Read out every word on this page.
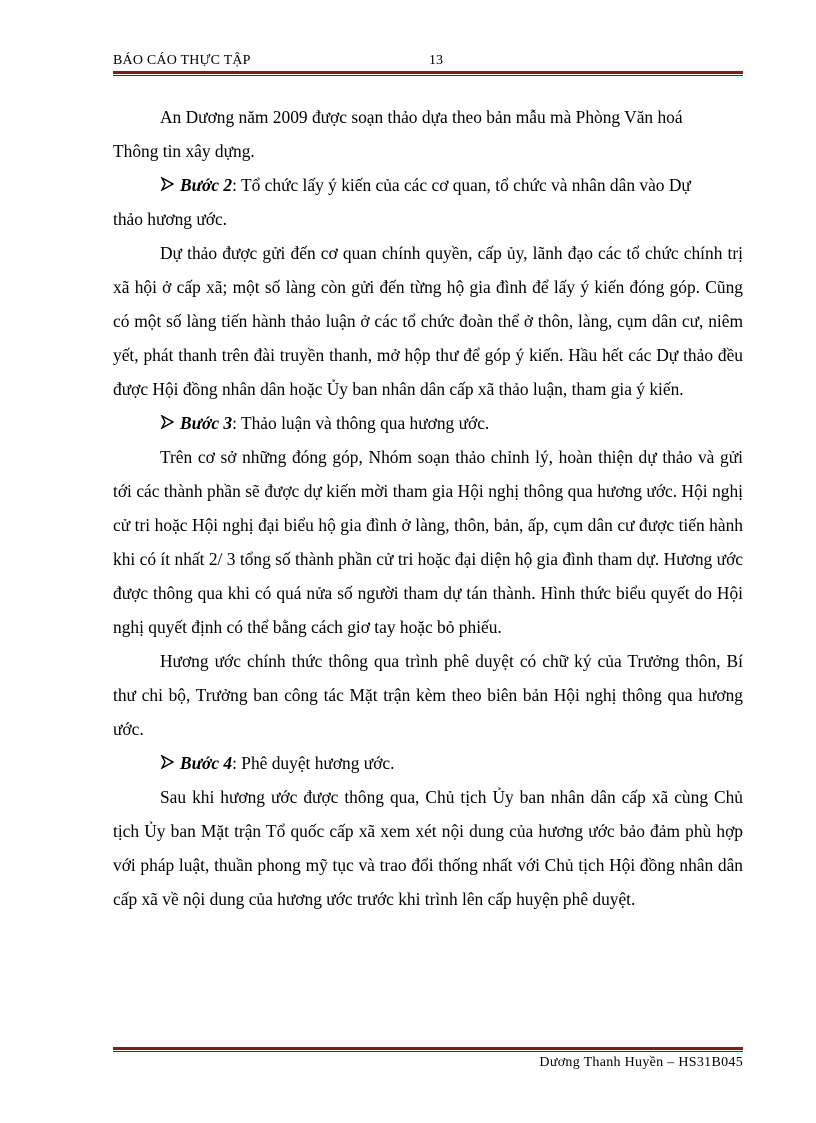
BÁO CÁO THỰC TẬP	13

An Dương năm 2009 được soạn thảo dựa theo bản mẫu mà Phòng Văn hoá

Thông tin xây dựng.
Bước 2: Tổ chức lấy ý kiến của các cơ quan, tổ chức và nhân dân vào Dự
thảo hương ước.

Dự thảo được gửi đến cơ quan chính quyền, cấp ủy, lãnh đạo các tổ chức chính trị xã hội ở cấp xã; một số làng còn gửi đến từng hộ gia đình để lấy ý kiến đóng góp. Cũng có một số làng tiến hành thảo luận ở các tổ chức đoàn thể ở thôn, làng, cụm dân cư, niêm yết, phát thanh trên đài truyền thanh, mở hộp thư để góp ý kiến. Hầu hết các Dự thảo đều được Hội đồng nhân dân hoặc Ủy ban nhân dân cấp xã thảo luận, tham gia ý kiến.

Bước 3: Thảo luận và thông qua hương ước.

Trên cơ sở những đóng góp, Nhóm soạn thảo chỉnh lý, hoàn thiện dự thảo và gửi tới các thành phần sẽ được dự kiến mời tham gia Hội nghị thông qua hương ước. Hội nghị cử tri hoặc Hội nghị đại biểu hộ gia đình ở làng, thôn, bản, ấp, cụm dân cư được tiến hành khi có ít nhất 2/ 3 tổng số thành phần cử tri hoặc đại diện hộ gia đình tham dự. Hương ước được thông qua khi có quá nửa số người tham dự tán thành. Hình thức biểu quyết do Hội nghị quyết định có thể bằng cách giơ tay hoặc bỏ phiếu.

Hương ước chính thức thông qua trình phê duyệt có chữ ký của Trưởng thôn, Bí thư chi bộ, Trưởng ban công tác Mặt trận kèm theo biên bản Hội nghị thông qua hương ước.

Bước 4: Phê duyệt hương ước.

Sau khi hương ước được thông qua, Chủ tịch Ủy ban nhân dân cấp xã cùng Chủ tịch Ủy ban Mặt trận Tổ quốc cấp xã xem xét nội dung của hương ước bảo đảm phù hợp với pháp luật, thuần phong mỹ tục và trao đổi thống nhất với Chủ tịch Hội đồng nhân dân cấp xã về nội dung của hương ước trước khi trình lên cấp huyện phê duyệt.

Dương Thanh Huyền – HS31B045
